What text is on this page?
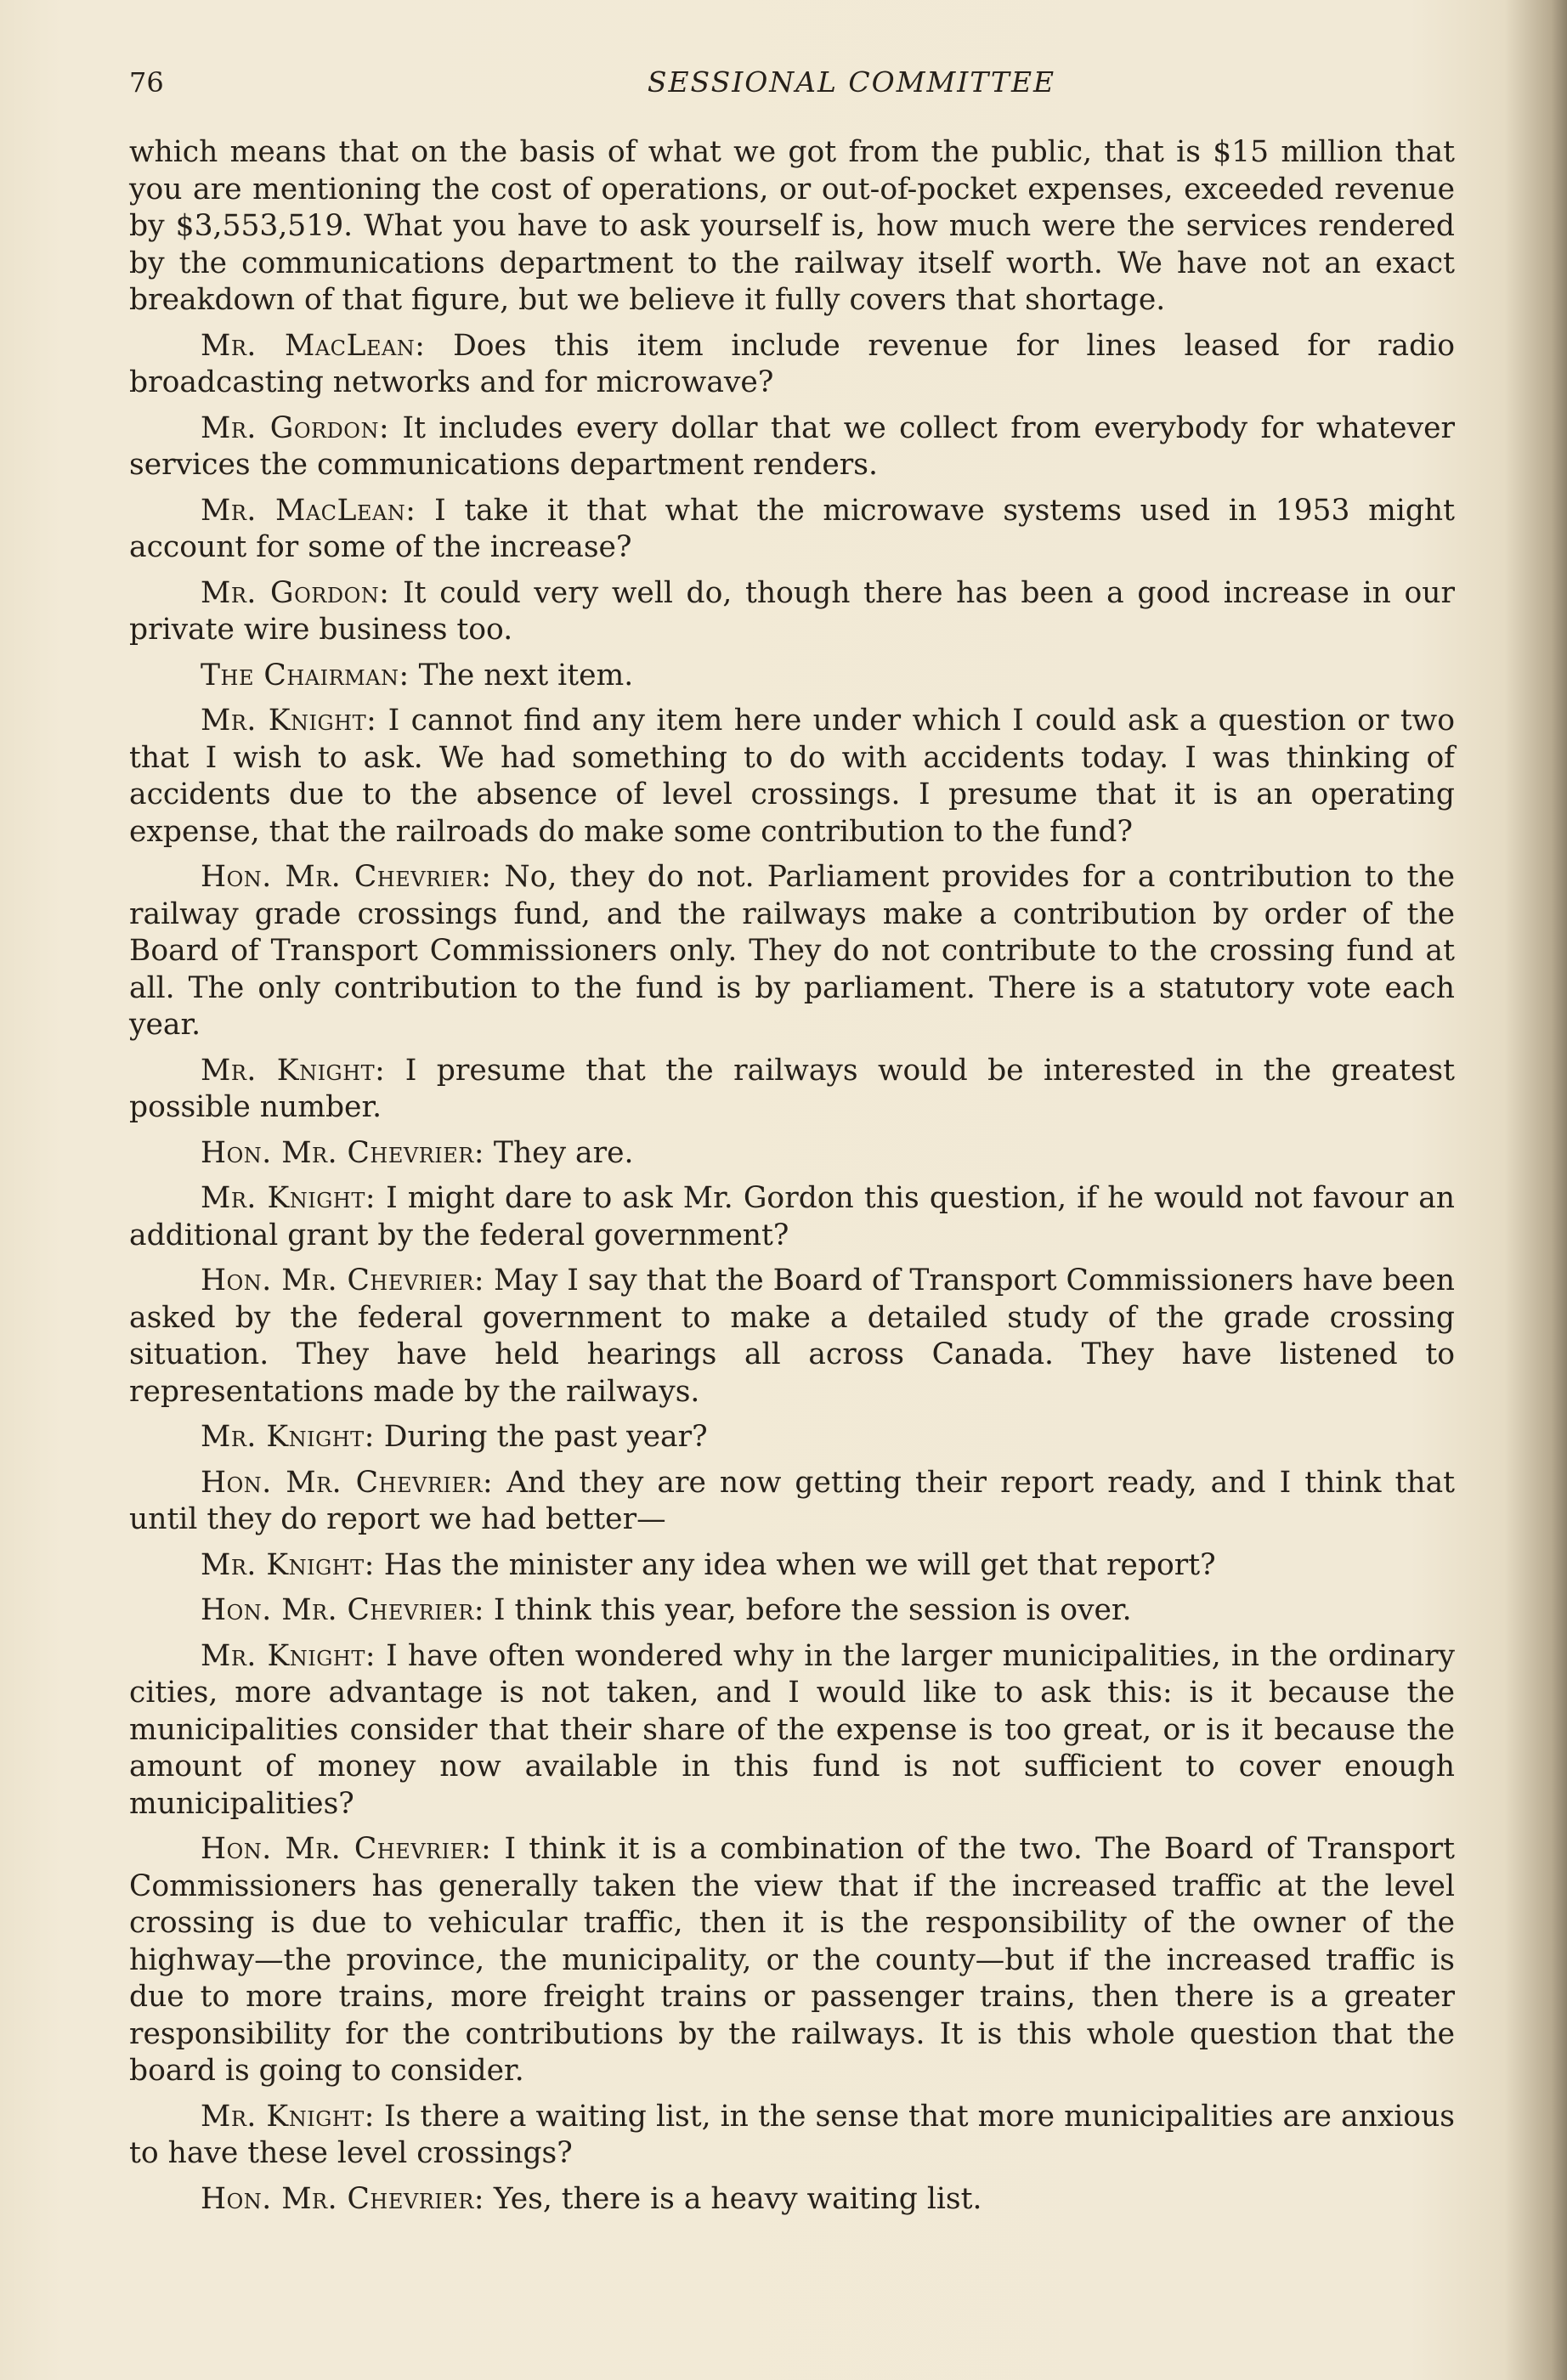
76	SESSIONAL COMMITTEE

which means that on the basis of what we got from the public, that is $15 million that you are mentioning the cost of operations, or out-of-pocket expenses, exceeded revenue by $3,553,519. What you have to ask yourself is, how much were the services rendered by the communications department to the railway itself worth. We have not an exact breakdown of that figure, but we believe it fully covers that shortage.

Mr. MacLean: Does this item include revenue for lines leased for radio broadcasting networks and for microwave?

Mr. Gordon: It includes every dollar that we collect from everybody for whatever services the communications department renders.

Mr. MacLean: I take it that what the microwave systems used in 1953 might account for some of the increase?

Mr. Gordon: It could very well do, though there has been a good increase in our private wire business too.

The Chairman: The next item.

Mr. Knight: I cannot find any item here under which I could ask a question or two that I wish to ask. We had something to do with accidents today. I was thinking of accidents due to the absence of level crossings. I presume that it is an operating expense, that the railroads do make some contribution to the fund?

Hon. Mr. Chevrier: No, they do not. Parliament provides for a contribution to the railway grade crossings fund, and the railways make a contribution by order of the Board of Transport Commissioners only. They do not contribute to the crossing fund at all. The only contribution to the fund is by parliament. There is a statutory vote each year.

Mr. Knight: I presume that the railways would be interested in the greatest possible number.

Hon. Mr. Chevrier: They are.

Mr. Knight: I might dare to ask Mr. Gordon this question, if he would not favour an additional grant by the federal government?

Hon. Mr. Chevrier: May I say that the Board of Transport Commissioners have been asked by the federal government to make a detailed study of the grade crossing situation. They have held hearings all across Canada. They have listened to representations made by the railways.

Mr. Knight: During the past year?

Hon. Mr. Chevrier: And they are now getting their report ready, and I think that until they do report we had better—

Mr. Knight: Has the minister any idea when we will get that report?

Hon. Mr. Chevrier: I think this year, before the session is over.

Mr. Knight: I have often wondered why in the larger municipalities, in the ordinary cities, more advantage is not taken, and I would like to ask this: is it because the municipalities consider that their share of the expense is too great, or is it because the amount of money now available in this fund is not sufficient to cover enough municipalities?

Hon. Mr. Chevrier: I think it is a combination of the two. The Board of Transport Commissioners has generally taken the view that if the increased traffic at the level crossing is due to vehicular traffic, then it is the responsibility of the owner of the highway—the province, the municipality, or the county—but if the increased traffic is due to more trains, more freight trains or passenger trains, then there is a greater responsibility for the contributions by the railways. It is this whole question that the board is going to consider.

Mr. Knight: Is there a waiting list, in the sense that more municipalities are anxious to have these level crossings?

Hon. Mr. Chevrier: Yes, there is a heavy waiting list.
